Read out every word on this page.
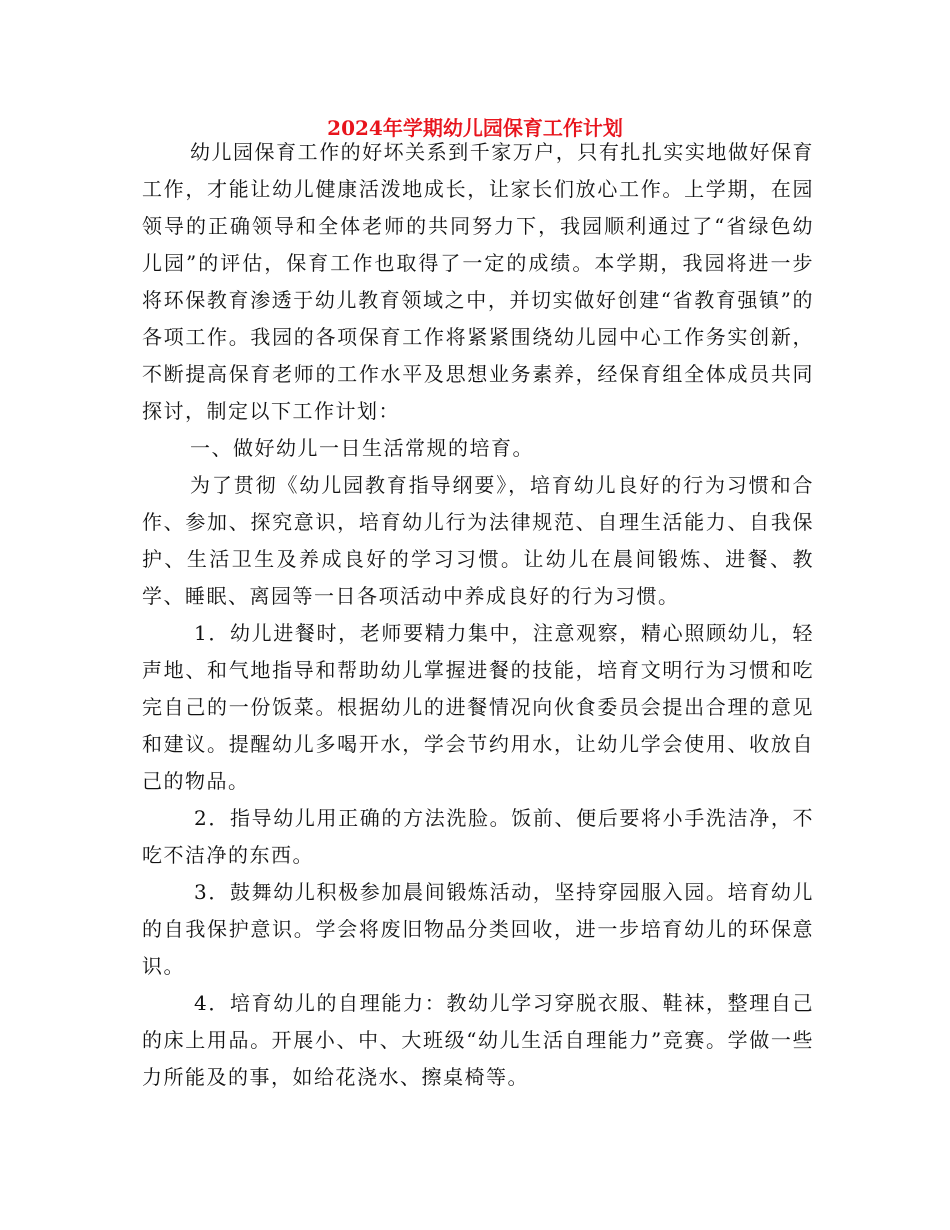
2024年学期幼儿园保育工作计划

幼儿园保育工作的好坏关系到千家万户，只有扎扎实实地做好保育工作，才能让幼儿健康活泼地成长，让家长们放心工作。上学期，在园领导的正确领导和全体老师的共同努力下，我园顺利通过了“省绿色幼儿园”的评估，保育工作也取得了一定的成绩。本学期，我园将进一步将环保教育渗透于幼儿教育领域之中，并切实做好创建“省教育强镇”的各项工作。我园的各项保育工作将紧紧围绕幼儿园中心工作务实创新，不断提高保育老师的工作水平及思想业务素养，经保育组全体成员共同探讨，制定以下工作计划：

一、做好幼儿一日生活常规的培育。

为了贯彻《幼儿园教育指导纲要》，培育幼儿良好的行为习惯和合作、参加、探究意识，培育幼儿行为法律规范、自理生活能力、自我保护、生活卫生及养成良好的学习习惯。让幼儿在晨间锻炼、进餐、教学、睡眠、离园等一日各项活动中养成良好的行为习惯。

1．幼儿进餐时，老师要精力集中，注意观察，精心照顾幼儿，轻声地、和气地指导和帮助幼儿掌握进餐的技能，培育文明行为习惯和吃完自己的一份饭菜。根据幼儿的进餐情况向伙食委员会提出合理的意见和建议。提醒幼儿多喝开水，学会节约用水，让幼儿学会使用、收放自己的物品。

2．指导幼儿用正确的方法洗脸。饭前、便后要将小手洗洁净，不吃不洁净的东西。

3．鼓舞幼儿积极参加晨间锻炼活动，坚持穿园服入园。培育幼儿的自我保护意识。学会将废旧物品分类回收，进一步培育幼儿的环保意识。

4．培育幼儿的自理能力：教幼儿学习穿脱衣服、鞋袜，整理自己的床上用品。开展小、中、大班级“幼儿生活自理能力”竞赛。学做一些力所能及的事，如给花浇水、擦桌椅等。
